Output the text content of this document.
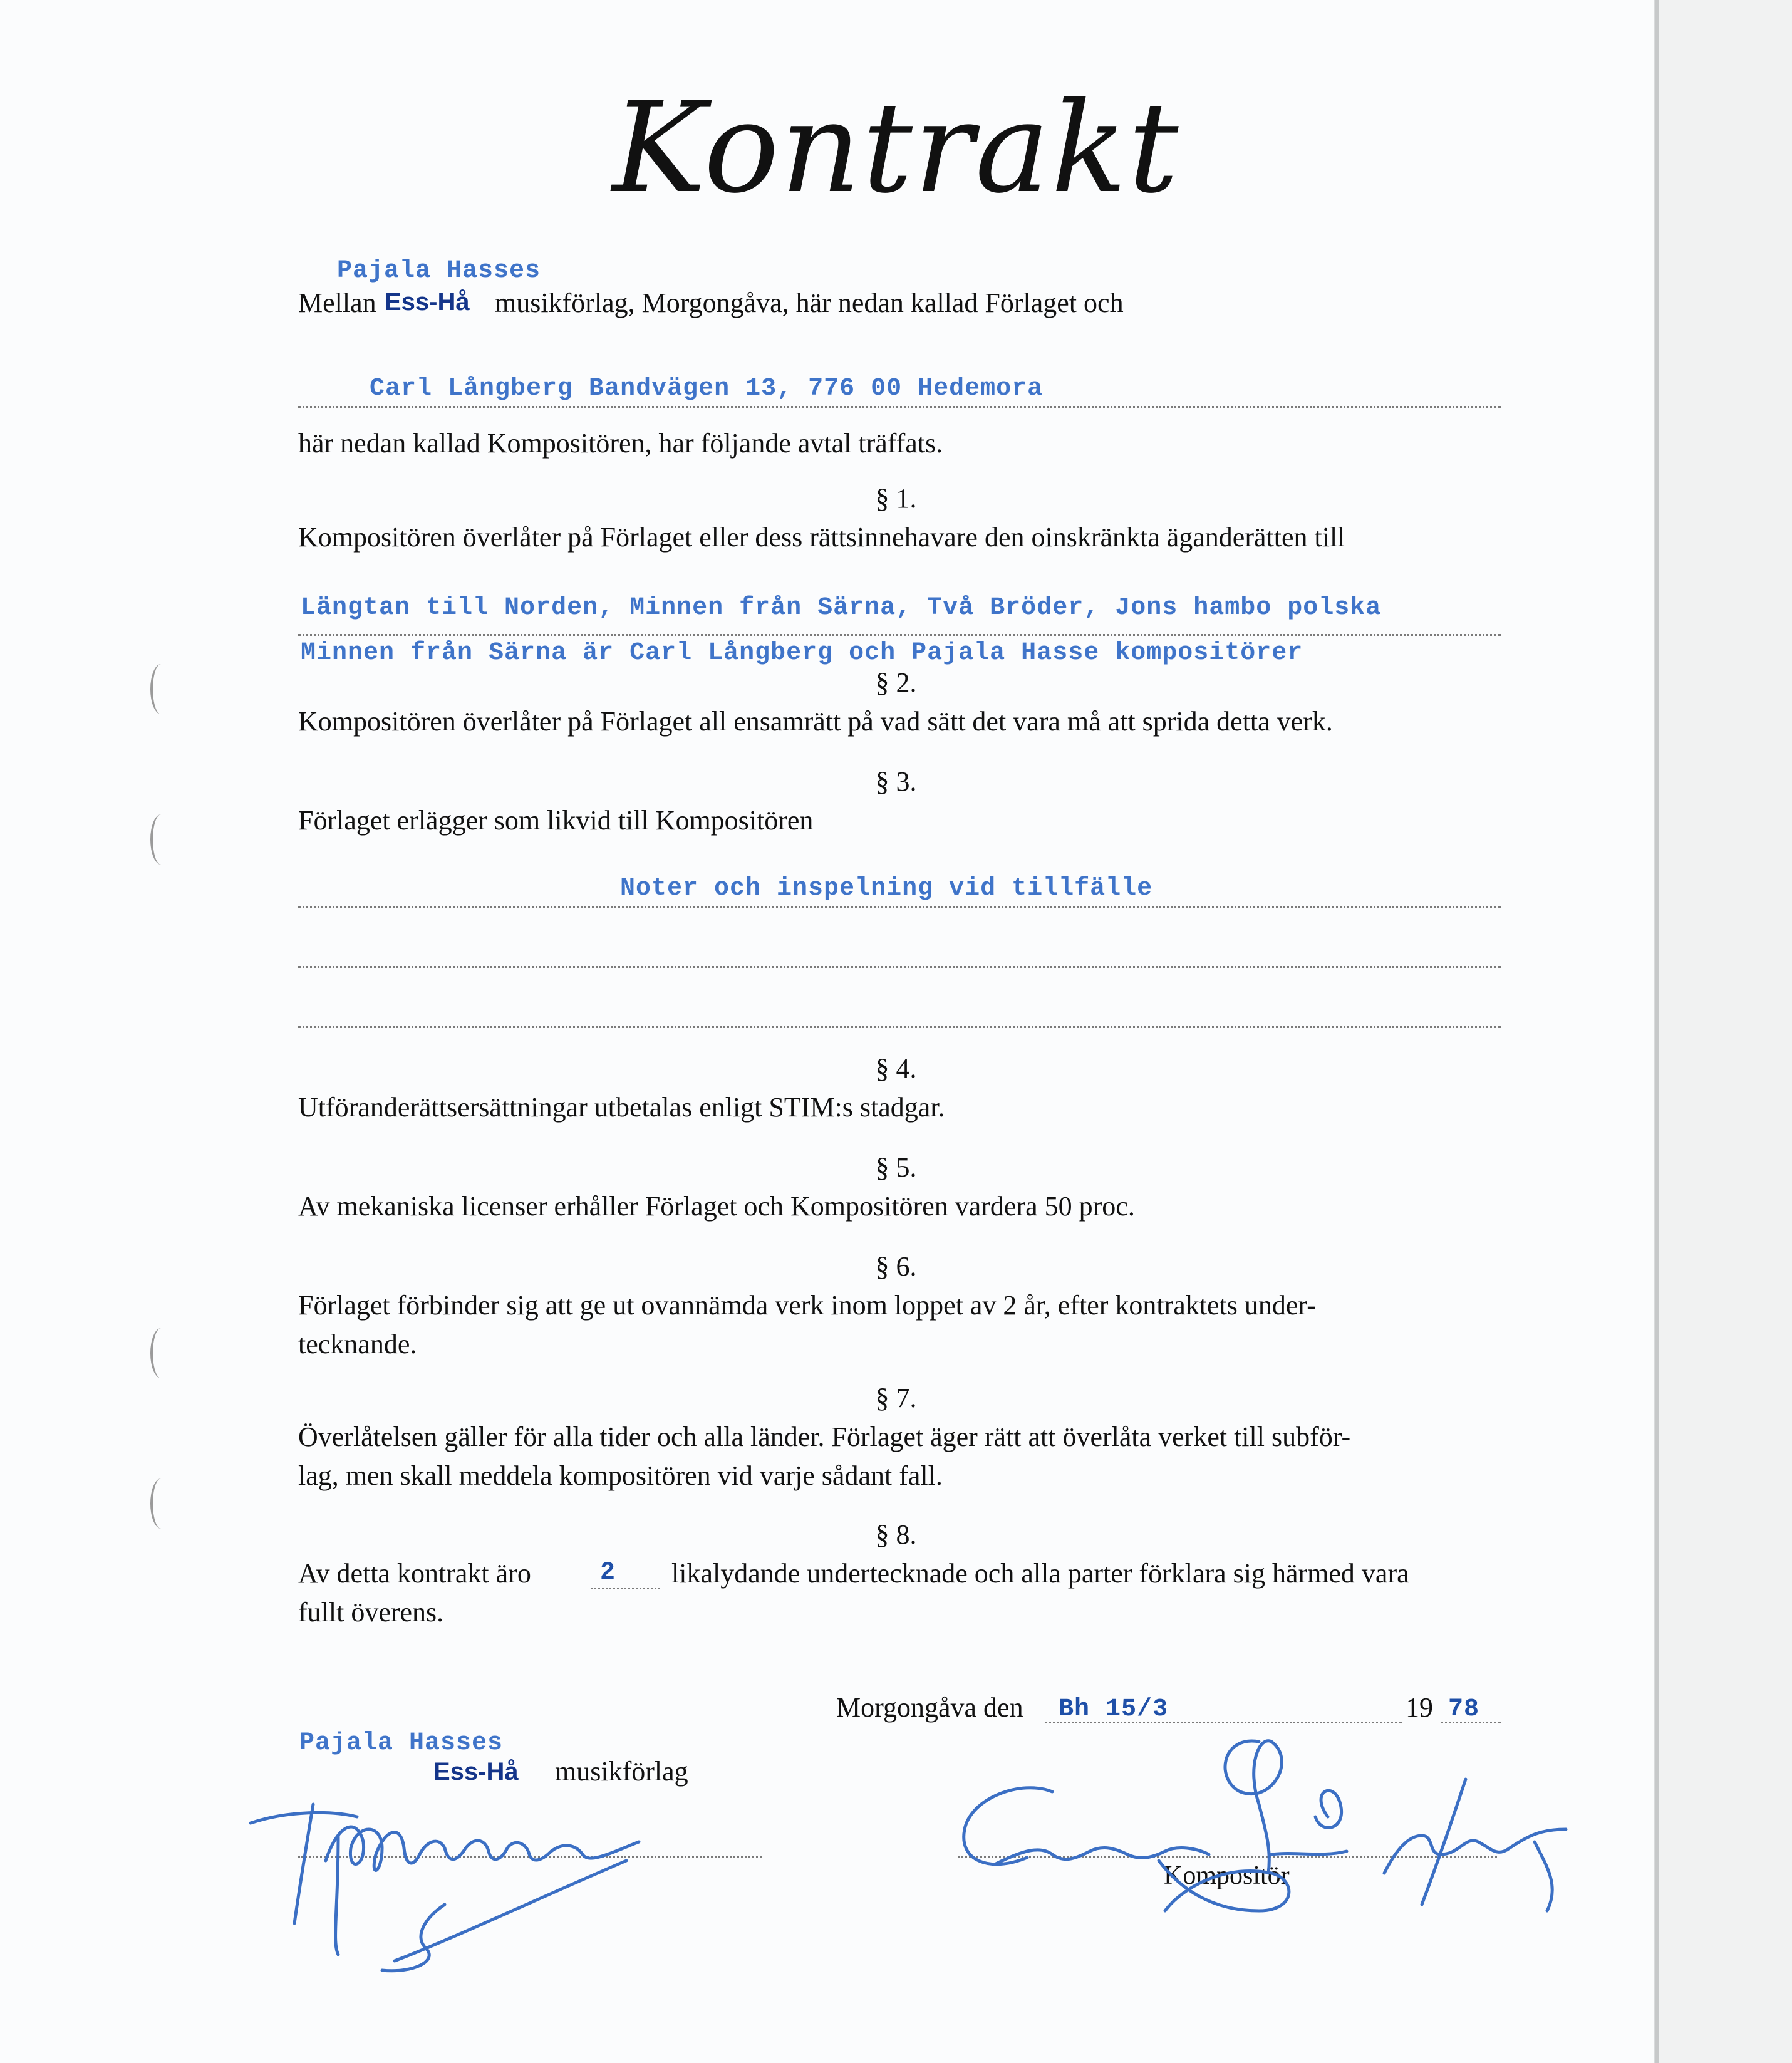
Kontrakt
Pajala Hasses
Mellan Ess-Hå musikförlag, Morgongåva, här nedan kallad Förlaget och
Carl Långberg Bandvägen 13, 776 00 Hedemora
här nedan kallad Kompositören, har följande avtal träffats.
§ 1.
Kompositören överlåter på Förlaget eller dess rättsinnehavare den oinskränkta äganderätten till
Längtan till Norden, Minnen från Särna, Två Bröder, Jons hambo polska
Minnen från Särna är Carl Långberg och Pajala Hasse kompositörer
§ 2.
Kompositören överlåter på Förlaget all ensamrätt på vad sätt det vara må att sprida detta verk.
§ 3.
Förlaget erlägger som likvid till Kompositören
Noter och inspelning vid tillfälle
§ 4.
Utföranderättsersättningar utbetalas enligt STIM:s stadgar.
§ 5.
Av mekaniska licenser erhåller Förlaget och Kompositören vardera 50 proc.
§ 6.
Förlaget förbinder sig att ge ut ovannämda verk inom loppet av 2 år, efter kontraktets under-
tecknande.
§ 7.
Överlåtelsen gäller för alla tider och alla länder. Förlaget äger rätt att överlåta verket till subför-
lag, men skall meddela kompositören vid varje sådant fall.
§ 8.
Av detta kontrakt äro	2 likalydande undertecknade och alla parter förklara sig härmed vara
fullt överens.
Morgongåva den Bh 15/3	19 78
Pajala Hasses
Ess-Hå musikförlag
Kompositör
